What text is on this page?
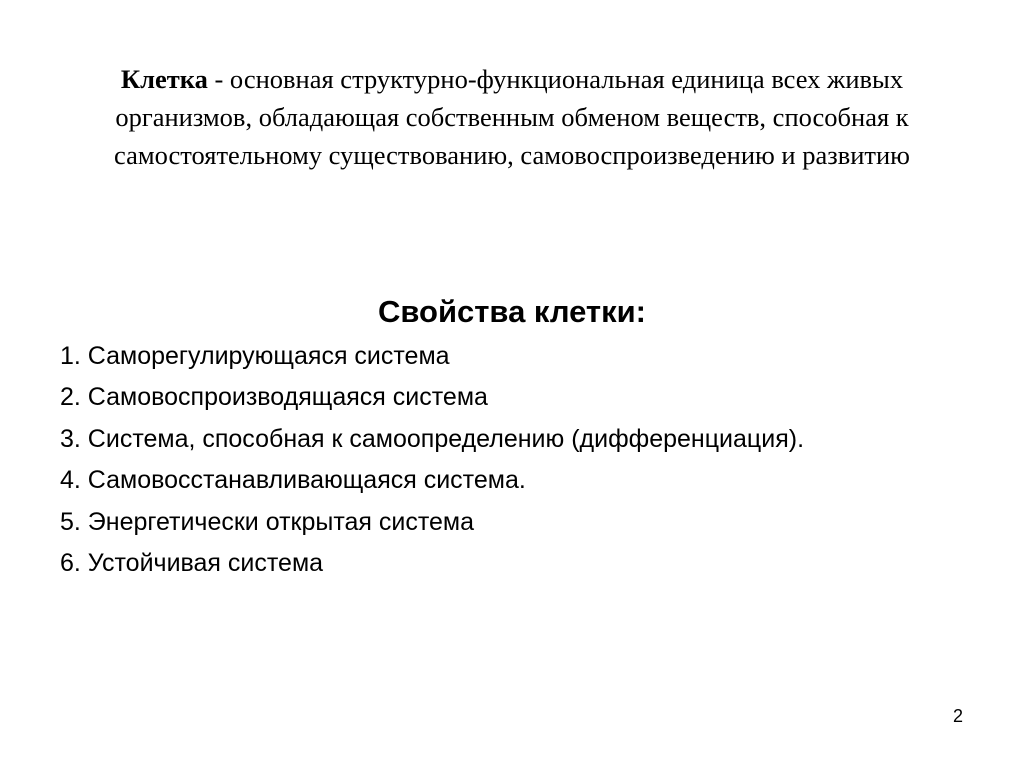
Клетка - основная структурно-функциональная единица всех живых
организмов, обладающая собственным обменом веществ, способная к
самостоятельному существованию, самовоспроизведению и развитию

Свойства клетки:
1. Саморегулирующаяся система
2. Самовоспроизводящаяся система
3. Система, способная к самоопределению (дифференциация).
4. Самовосстанавливающаяся система.
5. Энергетически открытая система
6. Устойчивая система
2
